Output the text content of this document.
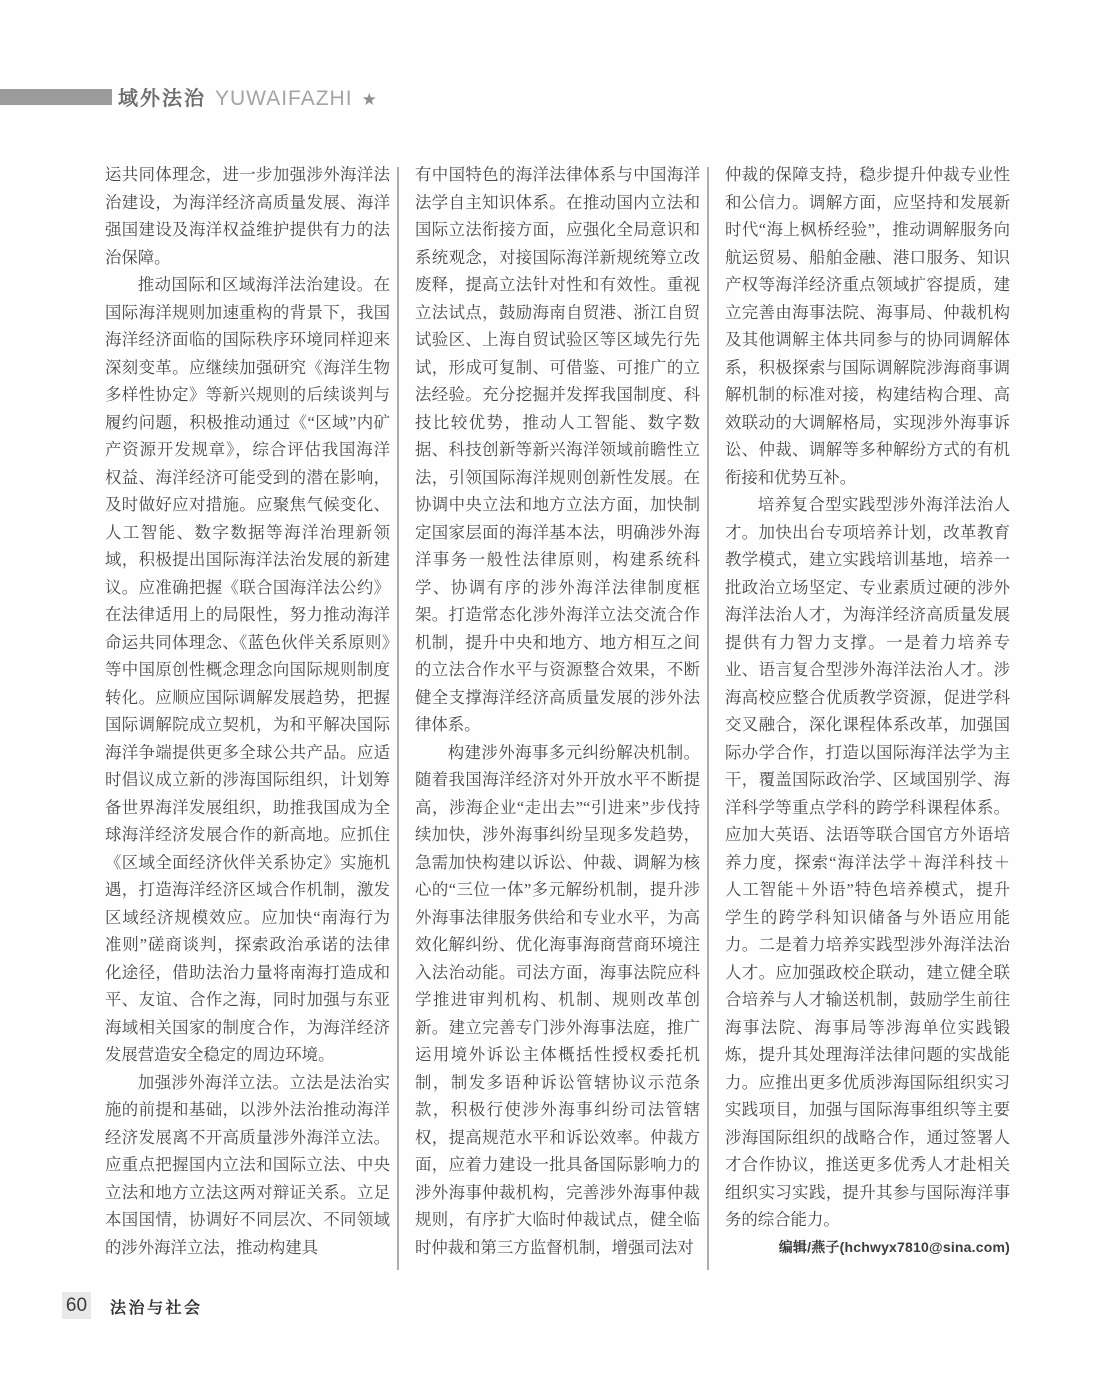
域外法治 YUWAIFAZHI ★

运共同体理念，进一步加强涉外海洋法治建设，为海洋经济高质量发展、海洋强国建设及海洋权益维护提供有力的法治保障。

推动国际和区域海洋法治建设。在国际海洋规则加速重构的背景下，我国海洋经济面临的国际秩序环境同样迎来深刻变革。应继续加强研究《海洋生物多样性协定》等新兴规则的后续谈判与履约问题，积极推动通过《“区域”内矿产资源开发规章》，综合评估我国海洋权益、海洋经济可能受到的潜在影响，及时做好应对措施。应聚焦气候变化、人工智能、数字数据等海洋治理新领域，积极提出国际海洋法治发展的新建议。应准确把握《联合国海洋法公约》在法律适用上的局限性，努力推动海洋命运共同体理念、《蓝色伙伴关系原则》等中国原创性概念理念向国际规则制度转化。应顺应国际调解发展趋势，把握国际调解院成立契机，为和平解决国际海洋争端提供更多全球公共产品。应适时倡议成立新的涉海国际组织，计划筹备世界海洋发展组织，助推我国成为全球海洋经济发展合作的新高地。应抓住《区域全面经济伙伴关系协定》实施机遇，打造海洋经济区域合作机制，激发区域经济规模效应。应加快“南海行为准则”磋商谈判，探索政治承诺的法律化途径，借助法治力量将南海打造成和平、友谊、合作之海，同时加强与东亚海域相关国家的制度合作，为海洋经济发展营造安全稳定的周边环境。

加强涉外海洋立法。立法是法治实施的前提和基础，以涉外法治推动海洋经济发展离不开高质量涉外海洋立法。应重点把握国内立法和国际立法、中央立法和地方立法这两对辩证关系。立足本国国情，协调好不同层次、不同领域的涉外海洋立法，推动构建具

有中国特色的海洋法律体系与中国海洋法学自主知识体系。在推动国内立法和国际立法衔接方面，应强化全局意识和系统观念，对接国际海洋新规统筹立改废释，提高立法针对性和有效性。重视立法试点，鼓励海南自贸港、浙江自贸试验区、上海自贸试验区等区域先行先试，形成可复制、可借鉴、可推广的立法经验。充分挖掘并发挥我国制度、科技比较优势，推动人工智能、数字数据、科技创新等新兴海洋领域前瞻性立法，引领国际海洋规则创新性发展。在协调中央立法和地方立法方面，加快制定国家层面的海洋基本法，明确涉外海洋事务一般性法律原则，构建系统科学、协调有序的涉外海洋法律制度框架。打造常态化涉外海洋立法交流合作机制，提升中央和地方、地方相互之间的立法合作水平与资源整合效果，不断健全支撑海洋经济高质量发展的涉外法律体系。

构建涉外海事多元纠纷解决机制。随着我国海洋经济对外开放水平不断提高，涉海企业“走出去”“引进来”步伐持续加快，涉外海事纠纷呈现多发趋势，急需加快构建以诉讼、仲裁、调解为核心的“三位一体”多元解纷机制，提升涉外海事法律服务供给和专业水平，为高效化解纠纷、优化海事海商营商环境注入法治动能。司法方面，海事法院应科学推进审判机构、机制、规则改革创新。建立完善专门涉外海事法庭，推广运用境外诉讼主体概括性授权委托机制，制发多语种诉讼管辖协议示范条款，积极行使涉外海事纠纷司法管辖权，提高规范水平和诉讼效率。仲裁方面，应着力建设一批具备国际影响力的涉外海事仲裁机构，完善涉外海事仲裁规则，有序扩大临时仲裁试点，健全临时仲裁和第三方监督机制，增强司法对

仲裁的保障支持，稳步提升仲裁专业性和公信力。调解方面，应坚持和发展新时代“海上枫桥经验”，推动调解服务向航运贸易、船舶金融、港口服务、知识产权等海洋经济重点领域扩容提质，建立完善由海事法院、海事局、仲裁机构及其他调解主体共同参与的协同调解体系，积极探索与国际调解院涉海商事调解机制的标准对接，构建结构合理、高效联动的大调解格局，实现涉外海事诉讼、仲裁、调解等多种解纷方式的有机衔接和优势互补。

培养复合型实践型涉外海洋法治人才。加快出台专项培养计划，改革教育教学模式，建立实践培训基地，培养一批政治立场坚定、专业素质过硬的涉外海洋法治人才，为海洋经济高质量发展提供有力智力支撑。一是着力培养专业、语言复合型涉外海洋法治人才。涉海高校应整合优质教学资源，促进学科交叉融合，深化课程体系改革，加强国际办学合作，打造以国际海洋法学为主干，覆盖国际政治学、区域国别学、海洋科学等重点学科的跨学科课程体系。应加大英语、法语等联合国官方外语培养力度，探索“海洋法学＋海洋科技＋人工智能＋外语”特色培养模式，提升学生的跨学科知识储备与外语应用能力。二是着力培养实践型涉外海洋法治人才。应加强政校企联动，建立健全联合培养与人才输送机制，鼓励学生前往海事法院、海事局等涉海单位实践锻炼，提升其处理海洋法律问题的实战能力。应推出更多优质涉海国际组织实习实践项目，加强与国际海事组织等主要涉海国际组织的战略合作，通过签署人才合作协议，推送更多优秀人才赴相关组织实习实践，提升其参与国际海洋事务的综合能力。

编辑/燕子(hchwyx7810@sina.com)
60 法治与社会
